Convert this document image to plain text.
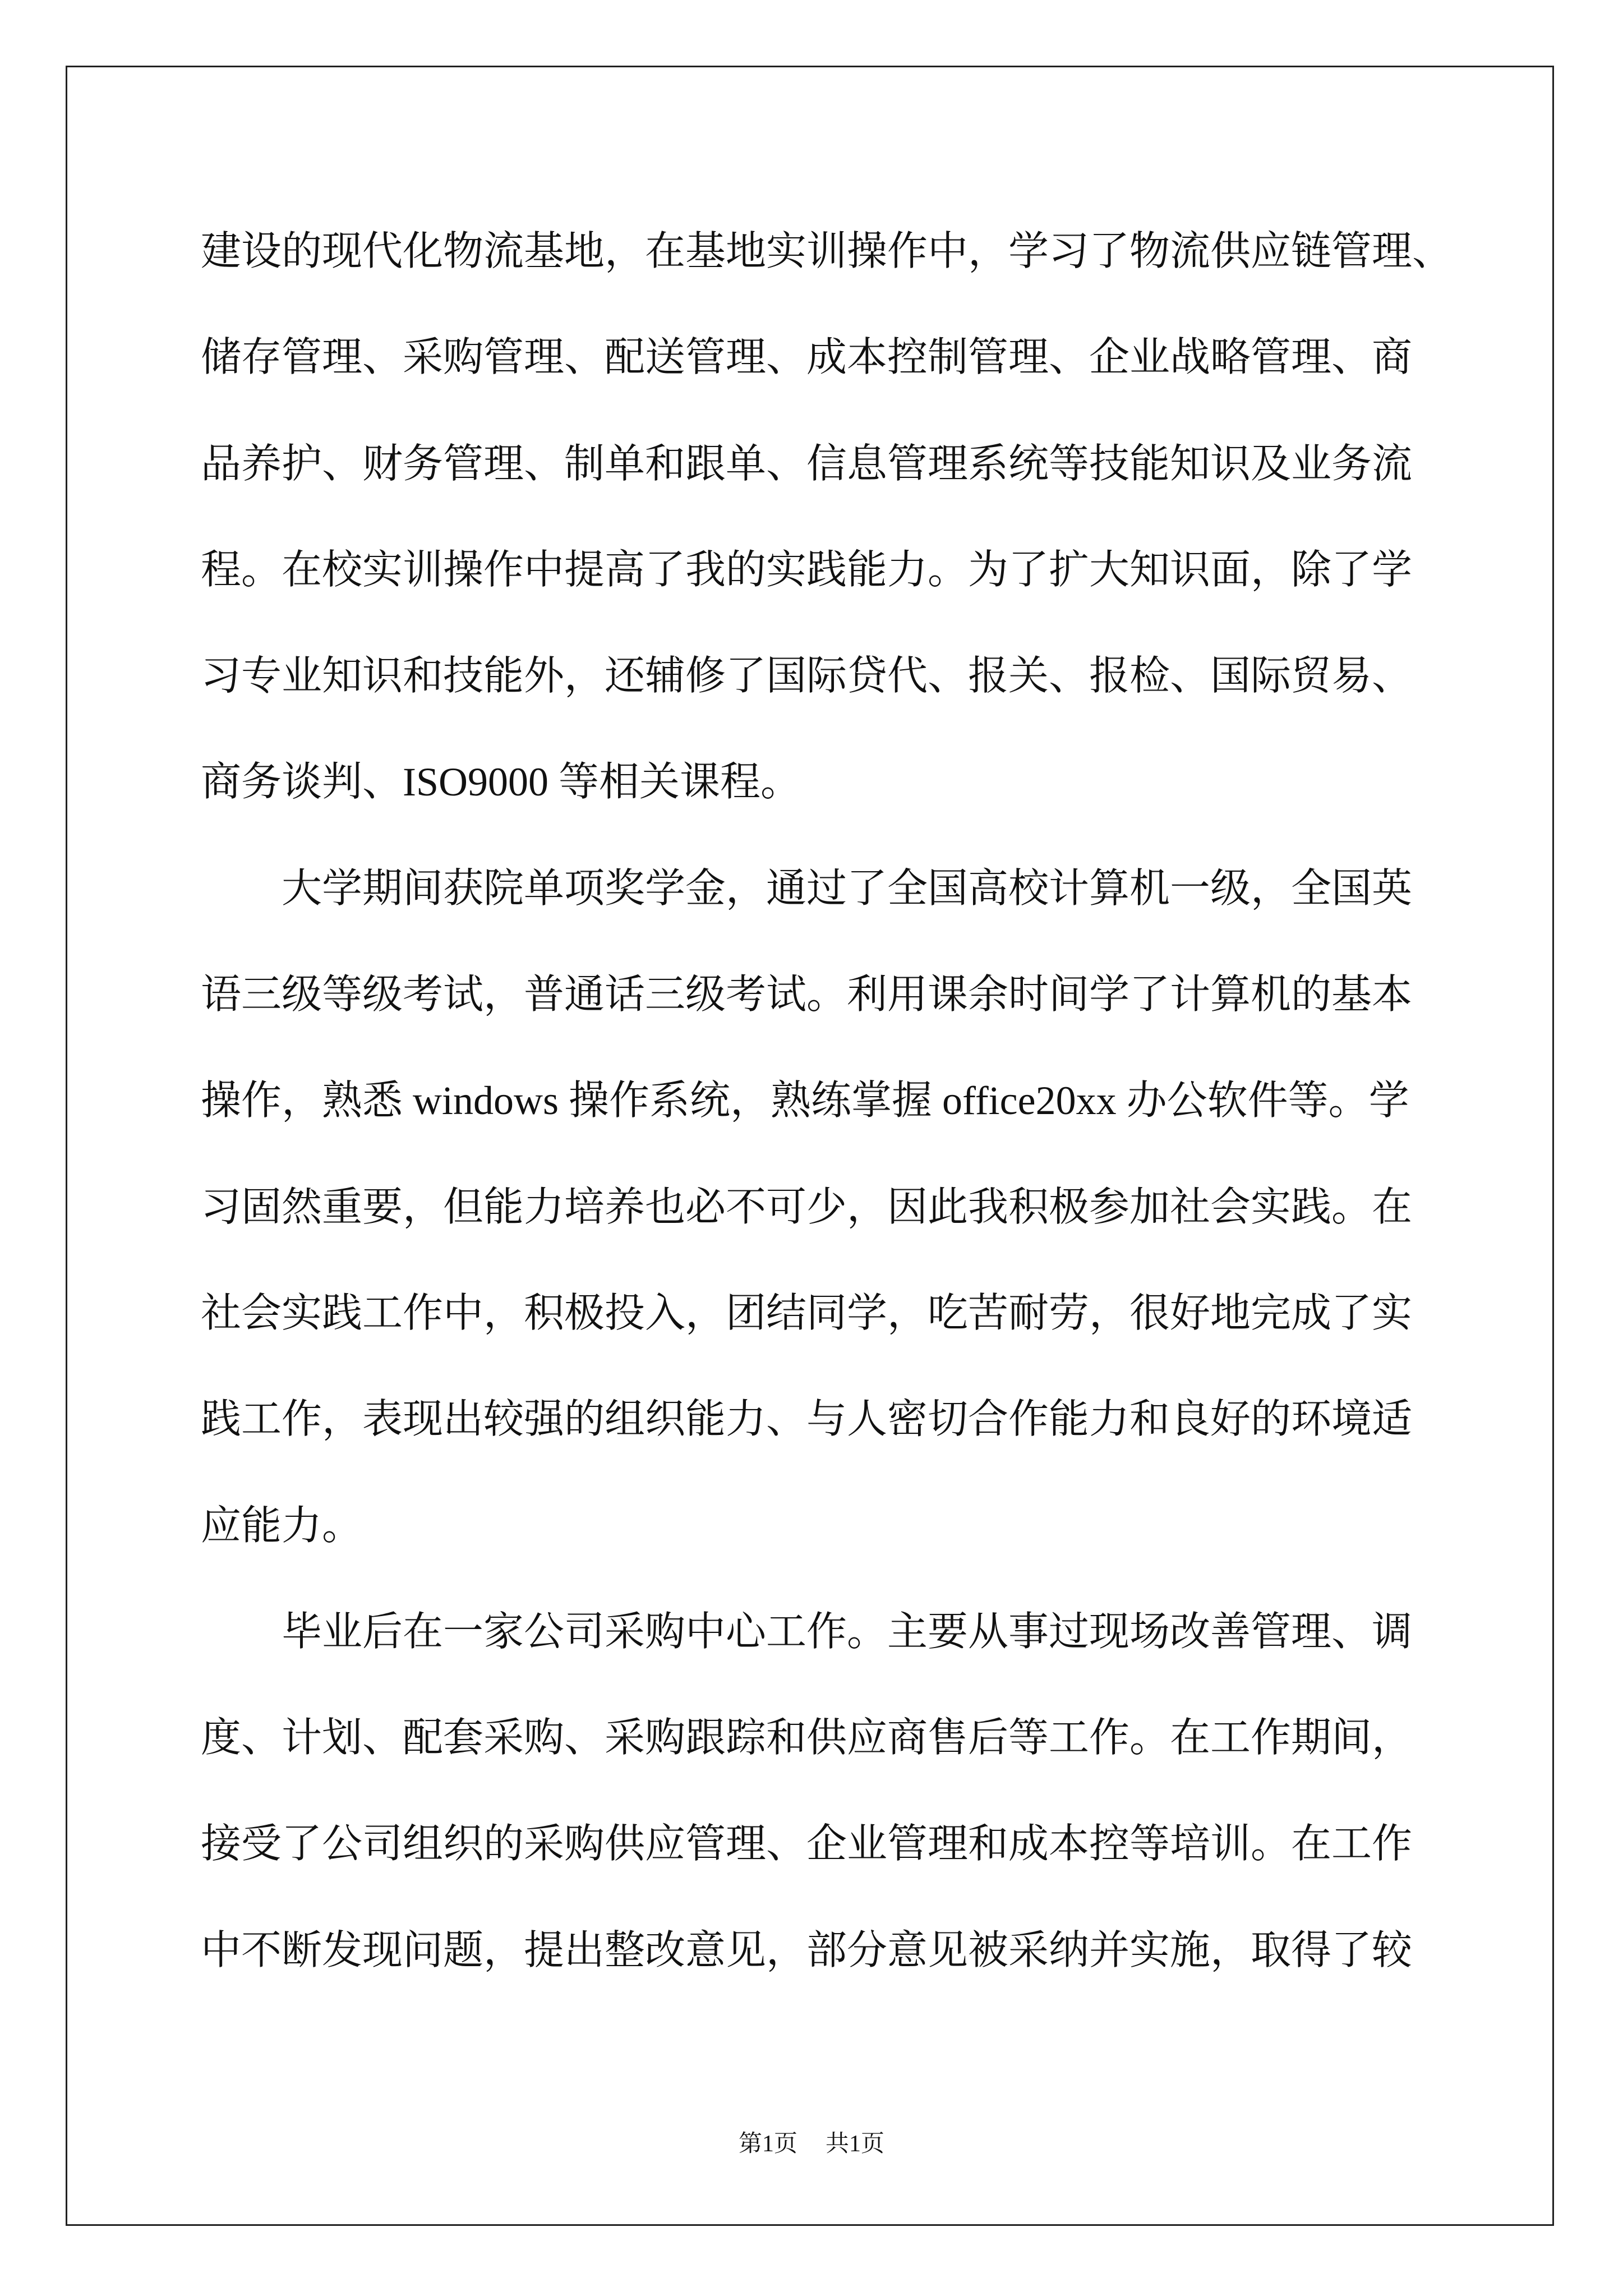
建设的现代化物流基地，在基地实训操作中，学习了物流供应链管理、
储存管理、采购管理、配送管理、成本控制管理、企业战略管理、商
品养护、财务管理、制单和跟单、信息管理系统等技能知识及业务流
程。在校实训操作中提高了我的实践能力。为了扩大知识面，除了学
习专业知识和技能外，还辅修了国际贷代、报关、报检、国际贸易、
商务谈判、ISO9000 等相关课程。
大学期间获院单项奖学金，通过了全国高校计算机一级，全国英
语三级等级考试，普通话三级考试。利用课余时间学了计算机的基本
操作，熟悉 windows 操作系统，熟练掌握 office20xx 办公软件等。学
习固然重要，但能力培养也必不可少，因此我积极参加社会实践。在
社会实践工作中，积极投入，团结同学，吃苦耐劳，很好地完成了实
践工作，表现出较强的组织能力、与人密切合作能力和良好的环境适
应能力。
毕业后在一家公司采购中心工作。主要从事过现场改善管理、调
度、计划、配套采购、采购跟踪和供应商售后等工作。在工作期间，
接受了公司组织的采购供应管理、企业管理和成本控等培训。在工作
中不断发现问题，提出整改意见，部分意见被采纳并实施，取得了较
第1页 共1页
